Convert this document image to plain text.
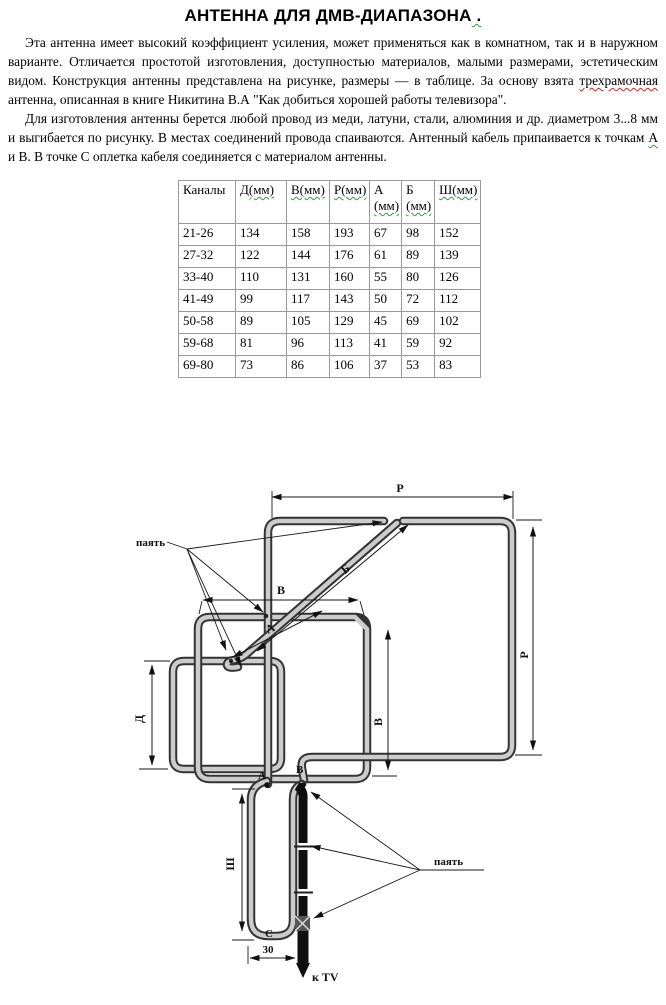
АНТЕННА ДЛЯ ДМВ-ДИАПАЗОНА .

Эта антенна имеет высокий коэффициент усиления, может применяться как в комнатном, так и в наружном варианте. Отличается простотой изготовления, доступностью материалов, малыми размерами, эстетическим видом. Конструкция антенны представлена на рисунке, размеры — в таблице. За основу взята трехрамочная антенна, описанная в книге Никитина В.А "Как добиться хорошей работы телевизора".

Для изготовления антенны берется любой провод из меди, латуни, стали, алюминия и др. диаметром 3...8 мм и выгибается по рисунку. В местах соединений провода спаиваются. Антенный кабель припаивается к точкам А и В. В точке С оплетка кабеля соединяется с материалом антенны.

Каналы	Д(мм)	В(мм)	Р(мм)	А (мм)	Б (мм)	Ш(мм)
21-26	134	158	193	67	98	152
27-32	122	144	176	61	89	139
33-40	110	131	160	55	80	126
41-49	99	117	143	50	72	112
50-58	89	105	129	45	69	102
59-68	81	96	113	41	59	92
69-80	73	86	106	37	53	83
к TV
Р
Р
В
Б
А
Д	В
Ш
30
паять
паять
А	В
С
